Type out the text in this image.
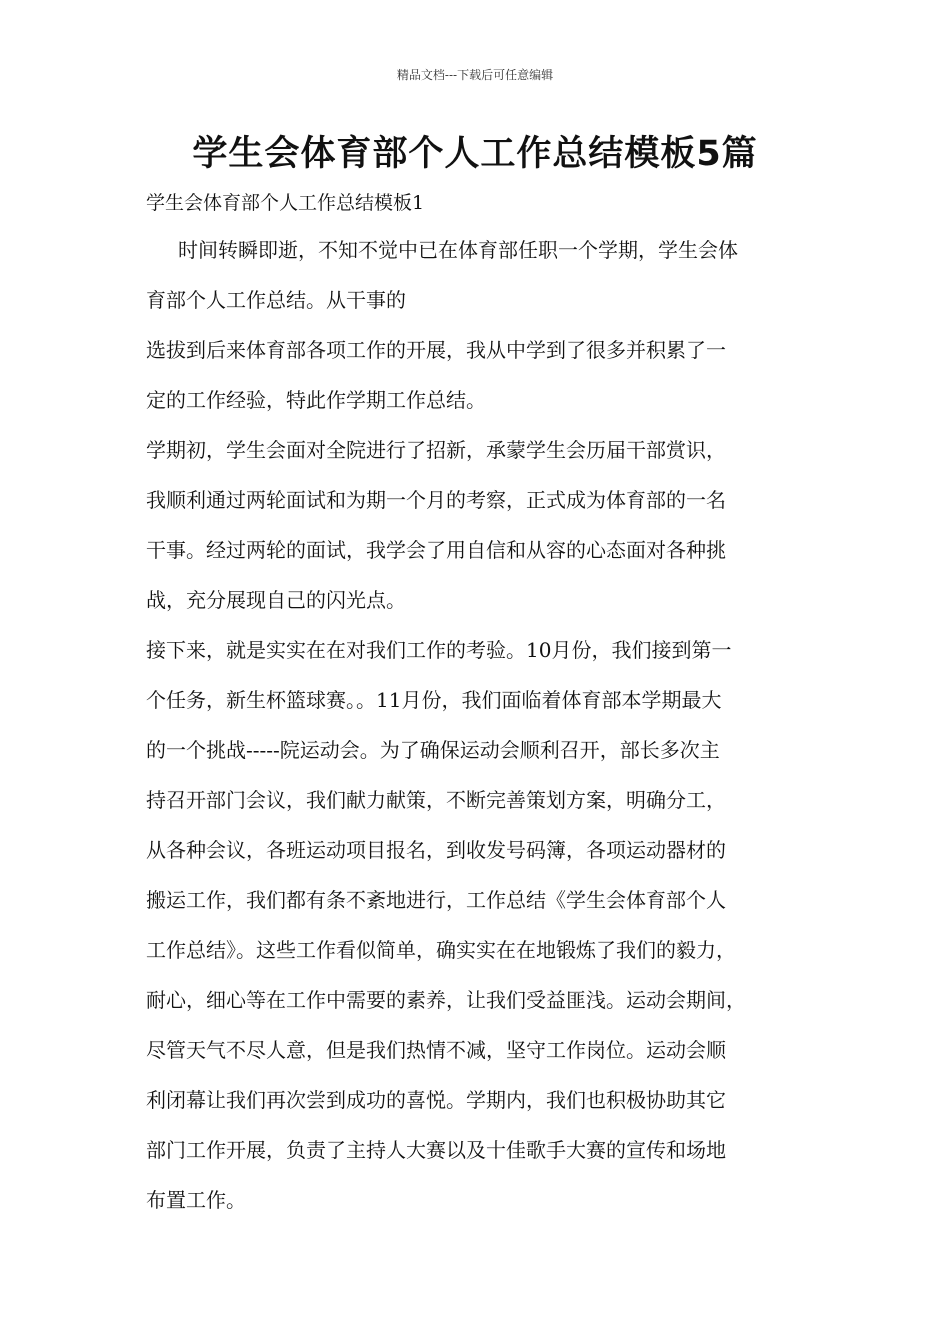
精品文档---下载后可任意编辑
学生会体育部个人工作总结模板5篇
学生会体育部个人工作总结模板1
时间转瞬即逝，不知不觉中已在体育部任职一个学期，学生会体
育部个人工作总结。从干事的
选拔到后来体育部各项工作的开展，我从中学到了很多并积累了一
定的工作经验，特此作学期工作总结。
学期初，学生会面对全院进行了招新，承蒙学生会历届干部赏识，
我顺利通过两轮面试和为期一个月的考察，正式成为体育部的一名
干事。经过两轮的面试，我学会了用自信和从容的心态面对各种挑
战，充分展现自己的闪光点。
接下来，就是实实在在对我们工作的考验。10月份，我们接到第一
个任务，新生杯篮球赛。。11月份，我们面临着体育部本学期最大
的一个挑战-----院运动会。为了确保运动会顺利召开，部长多次主
持召开部门会议，我们献力献策，不断完善策划方案，明确分工，
从各种会议，各班运动项目报名，到收发号码簿，各项运动器材的
搬运工作，我们都有条不紊地进行，工作总结《学生会体育部个人
工作总结》。这些工作看似简单，确实实在在地锻炼了我们的毅力，
耐心，细心等在工作中需要的素养，让我们受益匪浅。运动会期间，
尽管天气不尽人意，但是我们热情不减，坚守工作岗位。运动会顺
利闭幕让我们再次尝到成功的喜悦。学期内，我们也积极协助其它
部门工作开展，负责了主持人大赛以及十佳歌手大赛的宣传和场地
布置工作。
